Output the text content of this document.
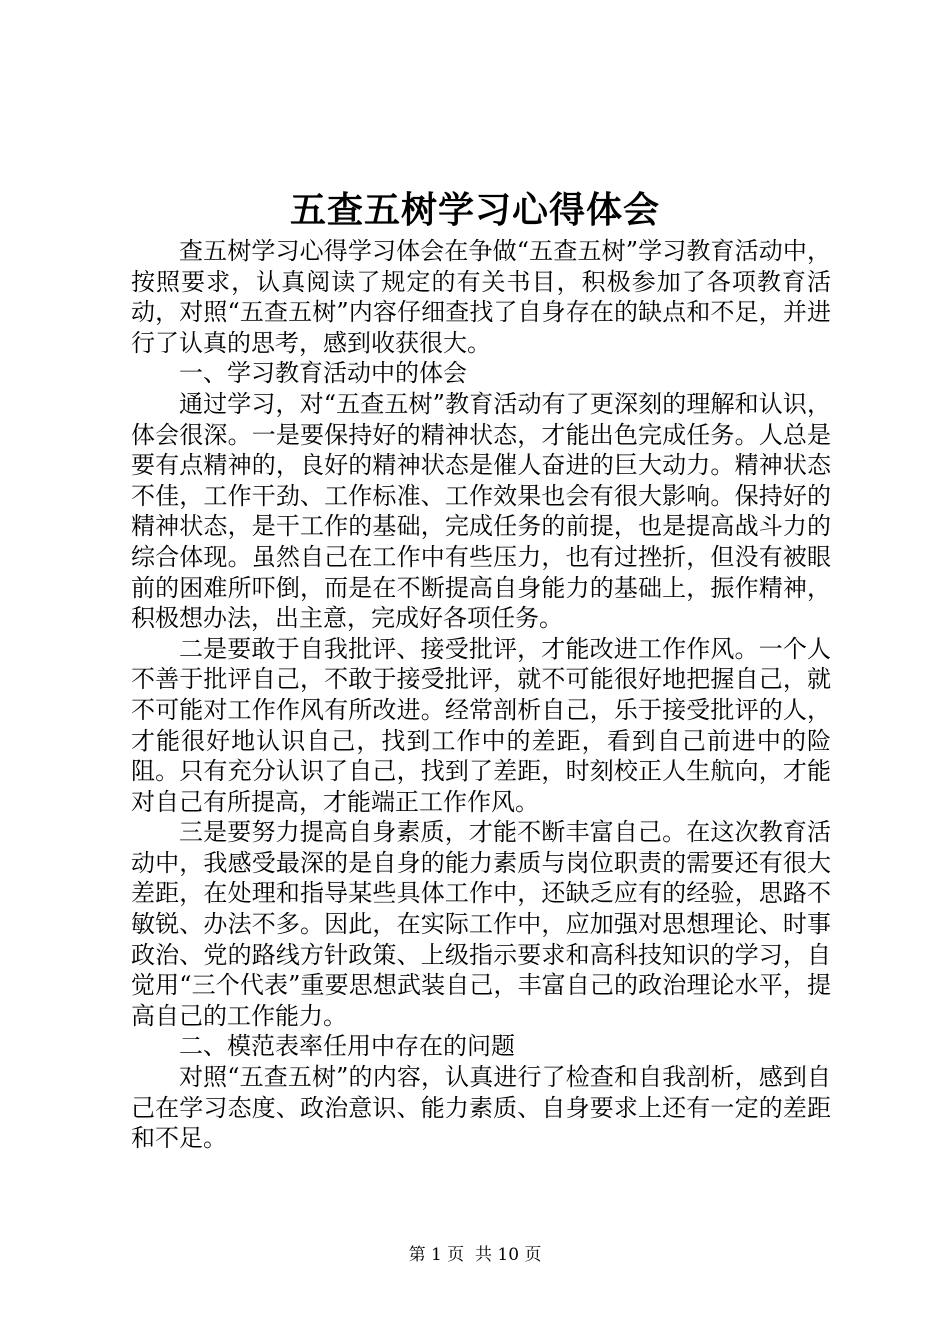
五查五树学习心得体会

查五树学习心得学习体会在争做“五查五树”学习教育活动中，按照要求，认真阅读了规定的有关书目，积极参加了各项教育活动，对照“五查五树”内容仔细查找了自身存在的缺点和不足，并进行了认真的思考，感到收获很大。

一、学习教育活动中的体会

通过学习，对“五查五树”教育活动有了更深刻的理解和认识，体会很深。一是要保持好的精神状态，才能出色完成任务。人总是要有点精神的，良好的精神状态是催人奋进的巨大动力。精神状态不佳，工作干劲、工作标准、工作效果也会有很大影响。保持好的精神状态，是干工作的基础，完成任务的前提，也是提高战斗力的综合体现。虽然自己在工作中有些压力，也有过挫折，但没有被眼前的困难所吓倒，而是在不断提高自身能力的基础上，振作精神，积极想办法，出主意，完成好各项任务。

二是要敢于自我批评、接受批评，才能改进工作作风。一个人不善于批评自己，不敢于接受批评，就不可能很好地把握自己，就不可能对工作作风有所改进。经常剖析自己，乐于接受批评的人，才能很好地认识自己，找到工作中的差距，看到自己前进中的险阻。只有充分认识了自己，找到了差距，时刻校正人生航向，才能对自己有所提高，才能端正工作作风。

三是要努力提高自身素质，才能不断丰富自己。在这次教育活动中，我感受最深的是自身的能力素质与岗位职责的需要还有很大差距，在处理和指导某些具体工作中，还缺乏应有的经验，思路不敏锐、办法不多。因此，在实际工作中，应加强对思想理论、时事政治、党的路线方针政策、上级指示要求和高科技知识的学习，自觉用“三个代表”重要思想武装自己，丰富自己的政治理论水平，提高自己的工作能力。

二、模范表率任用中存在的问题

对照“五查五树”的内容，认真进行了检查和自我剖析，感到自己在学习态度、政治意识、能力素质、自身要求上还有一定的差距和不足。

第 1 页  共 10 页
